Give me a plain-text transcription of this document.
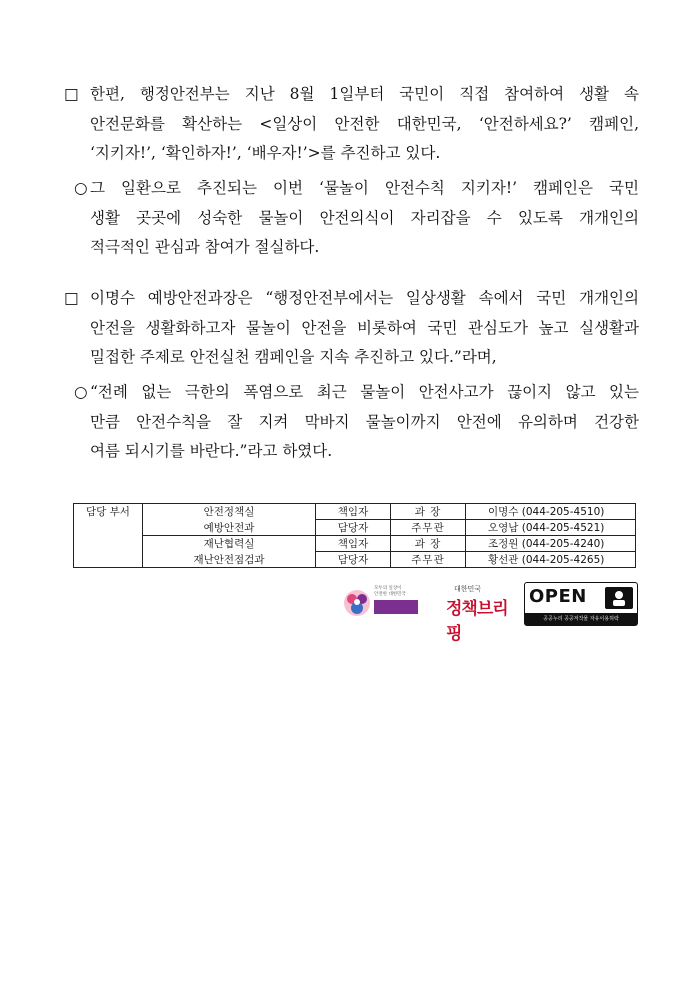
□ 한편, 행정안전부는 지난 8월 1일부터 국민이 직접 참여하여 생활 속
안전문화를 확산하는 <일상이 안전한 대한민국, ‘안전하세요?’ 캠페인,
‘지키자!’, ‘확인하자!’, ‘배우자!’>를 추진하고 있다.
○ 그 일환으로 추진되는 이번 ‘물놀이 안전수칙 지키자!’ 캠페인은 국민
생활 곳곳에 성숙한 물놀이 안전의식이 자리잡을 수 있도록 개개인의
적극적인 관심과 참여가 절실하다.
□ 이명수 예방안전과장은 “행정안전부에서는 일상생활 속에서 국민 개개인의
안전을 생활화하고자 물놀이 안전을 비롯하여 국민 관심도가 높고 실생활과
밀접한 주제로 안전실천 캠페인을 지속 추진하고 있다.”라며,
○ “전례 없는 극한의 폭염으로 최근 물놀이 안전사고가 끊이지 않고 있는
만큼 안전수칙을 잘 지켜 막바지 물놀이까지 안전에 유의하며 건강한
여름 되시기를 바란다.”라고 하였다.
담당 부서	안전정책실	책임자	과 장	이명수 (044-205-4510)
	예방안전과	담당자	주무관	오영남 (044-205-4521)
	재난협력실	책임자	과 장	조정원 (044-205-4240)
	재난안전점검과	담당자	주무관	황선관 (044-205-4265)
모두의 일상이
안전한 대한민국
대한민국
정책브리핑
OPEN
공공누리 공공저작물 자유이용허락
